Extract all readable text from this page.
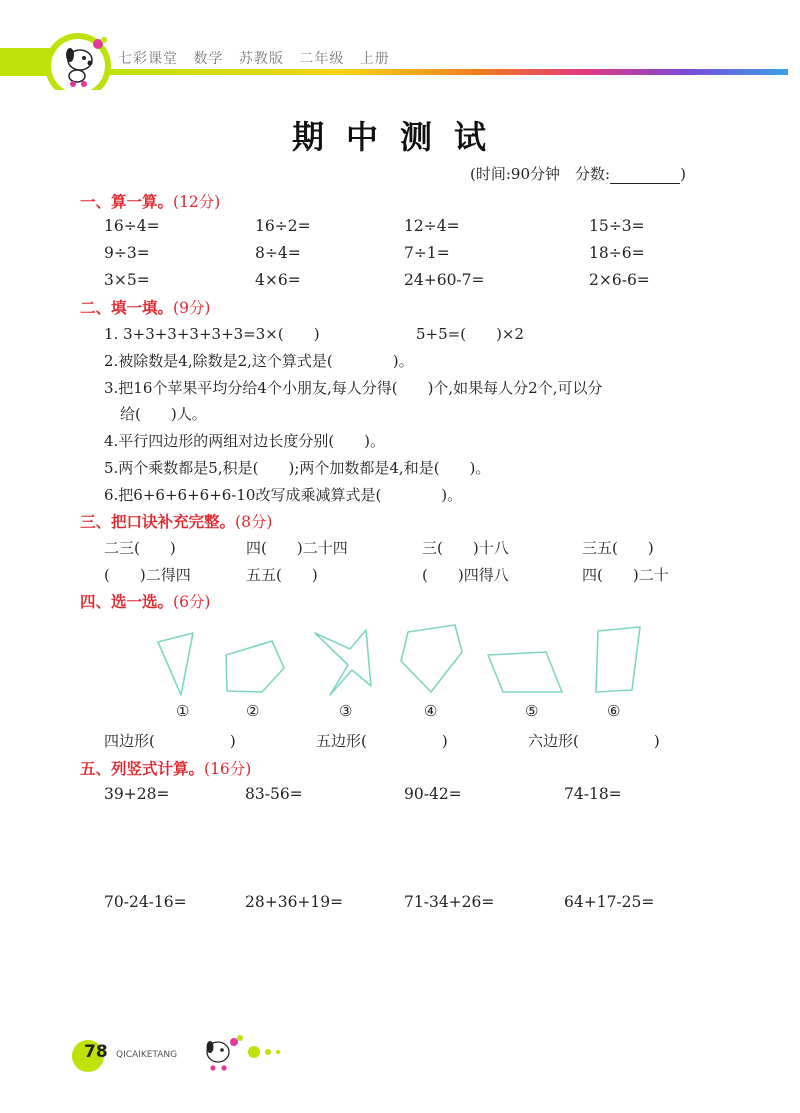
七彩课堂 数学 苏教版 二年级 上册
期中测试
(时间:90分钟　分数:	)
一、算一算。(12分)
16÷4=	16÷2=	12÷4=	15÷3=
9÷3=	8÷4=	7÷1=	18÷6=
3×5=	4×6=	24+60-7=	2×6-6=
二、填一填。(9分)
1. 3+3+3+3+3+3=3×(　　)	5+5=(　　)×2
2.被除数是4,除数是2,这个算式是(　　　　)。
3.把16个苹果平均分给4个小朋友,每人分得(　　)个,如果每人分2个,可以分
给(　　)人。
4.平行四边形的两组对边长度分别(　　)。
5.两个乘数都是5,积是(　　);两个加数都是4,和是(　　)。
6.把6+6+6+6+6-10改写成乘减算式是(　　　　)。
三、把口诀补充完整。(8分)
二三(　　)	四(　　)二十四	三(　　)十八	三五(　　)
(　　)二得四	五五(　　)	(　　)四得八	四(　　)二十
四、选一选。(6分)
①	②	③	④	⑤	⑥
四边形(　　　　　)	五边形(　　　　　)	六边形(　　　　　)
五、列竖式计算。(16分)
39+28=	83-56=	90-42=	74-18=
70-24-16=	28+36+19=	71-34+26=	64+17-25=
78 QICAIKETANG
